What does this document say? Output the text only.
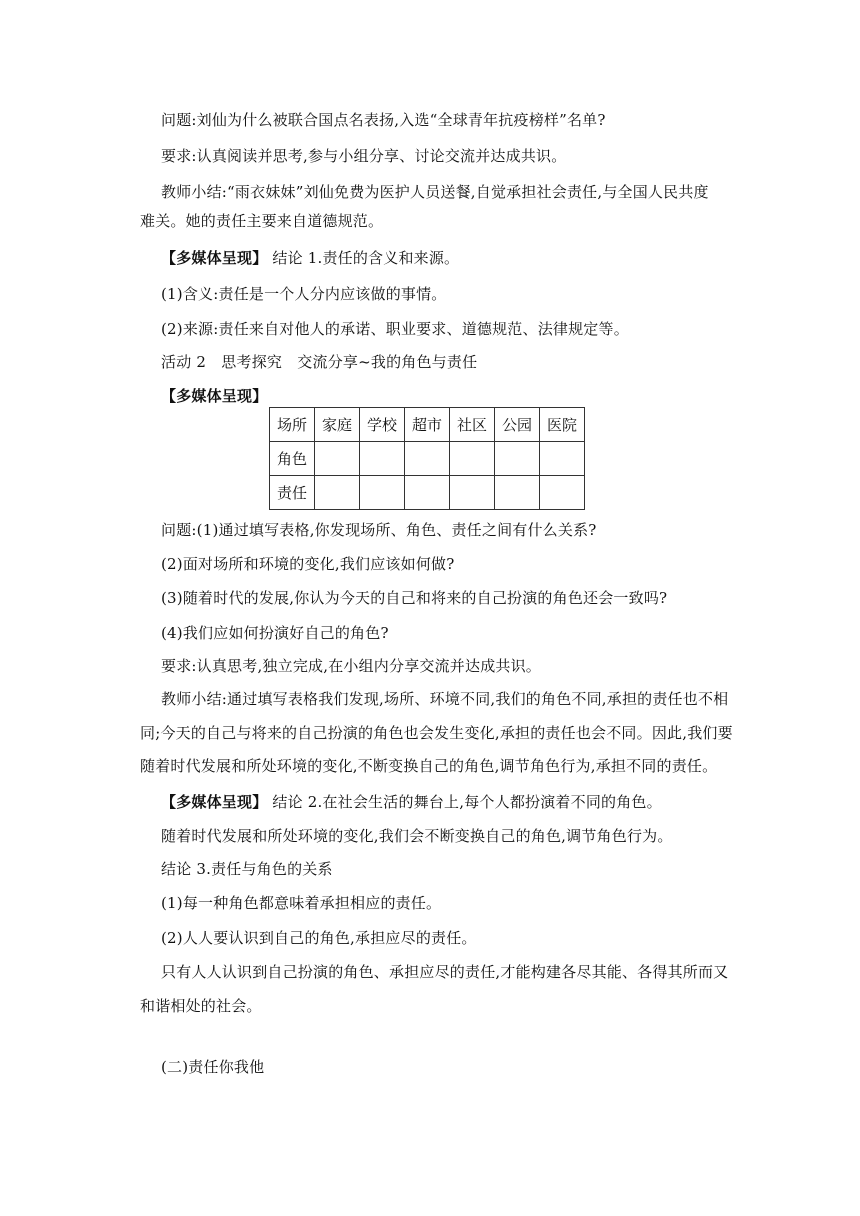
问题:刘仙为什么被联合国点名表扬,入选“全球青年抗疫榜样”名单?
要求:认真阅读并思考,参与小组分享、讨论交流并达成共识。
教师小结:“雨衣妹妹”刘仙免费为医护人员送餐,自觉承担社会责任,与全国人民共度
难关。她的责任主要来自道德规范。
【多媒体呈现】 结论 1.责任的含义和来源。
(1)含义:责任是一个人分内应该做的事情。
(2)来源:责任来自对他人的承诺、职业要求、道德规范、法律规定等。
活动 2　思考探究　交流分享~我的角色与责任
【多媒体呈现】
场所	家庭	学校	超市	社区	公园	医院
角色						
责任						
问题:(1)通过填写表格,你发现场所、角色、责任之间有什么关系?
(2)面对场所和环境的变化,我们应该如何做?
(3)随着时代的发展,你认为今天的自己和将来的自己扮演的角色还会一致吗?
(4)我们应如何扮演好自己的角色?
要求:认真思考,独立完成,在小组内分享交流并达成共识。
教师小结:通过填写表格我们发现,场所、环境不同,我们的角色不同,承担的责任也不相
同;今天的自己与将来的自己扮演的角色也会发生变化,承担的责任也会不同。因此,我们要
随着时代发展和所处环境的变化,不断变换自己的角色,调节角色行为,承担不同的责任。
【多媒体呈现】 结论 2.在社会生活的舞台上,每个人都扮演着不同的角色。
随着时代发展和所处环境的变化,我们会不断变换自己的角色,调节角色行为。
结论 3.责任与角色的关系
(1)每一种角色都意味着承担相应的责任。
(2)人人要认识到自己的角色,承担应尽的责任。
只有人人认识到自己扮演的角色、承担应尽的责任,才能构建各尽其能、各得其所而又
和谐相处的社会。
(二)责任你我他
